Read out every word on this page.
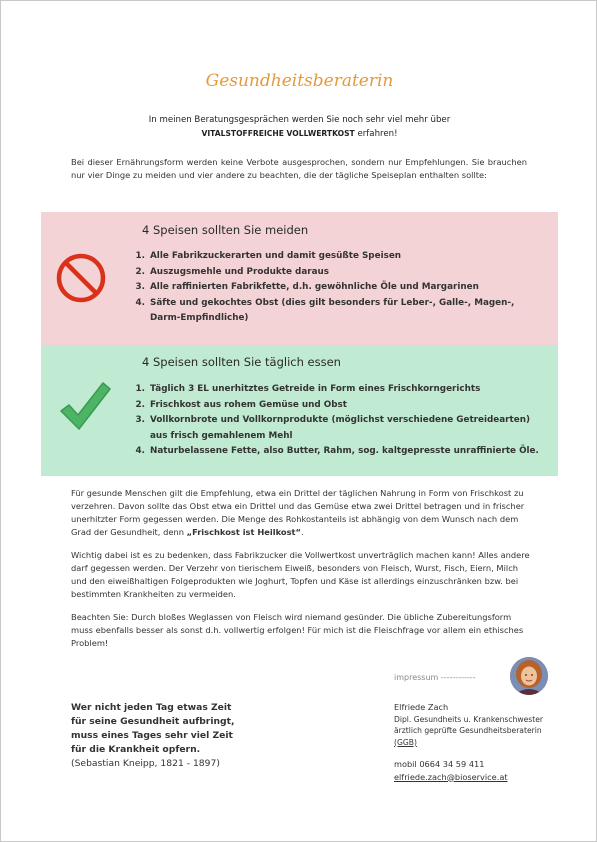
Gesundheitsberaterin
In meinen Beratungsgesprächen werden Sie noch sehr viel mehr über
VITALSTOFFREICHE VOLLWERTKOST erfahren!
Bei dieser Ernährungsform werden keine Verbote ausgesprochen, sondern nur Empfehlungen. Sie brauchen nur vier Dinge zu meiden und vier andere zu beachten, die der tägliche Speiseplan enthalten sollte:
4 Speisen sollten Sie meiden
1. Alle Fabrikzuckerarten und damit gesüßte Speisen
2. Auszugsmehle und Produkte daraus
3. Alle raffinierten Fabrikfette, d.h. gewöhnliche Öle und Margarinen
4. Säfte und gekochtes Obst (dies gilt besonders für Leber-, Galle-, Magen-, Darm-Empfindliche)
4 Speisen sollten Sie täglich essen
1. Täglich 3 EL unerhitztes Getreide in Form eines Frischkorngerichts
2. Frischkost aus rohem Gemüse und Obst
3. Vollkornbrote und Vollkornprodukte (möglichst verschiedene Getreidearten) aus frisch gemahlenem Mehl
4. Naturbelassene Fette, also Butter, Rahm, sog. kaltgepresste unraffinierte Öle.

Für gesunde Menschen gilt die Empfehlung, etwa ein Drittel der täglichen Nahrung in Form von Frischkost zu verzehren. Davon sollte das Obst etwa ein Drittel und das Gemüse etwa zwei Drittel betragen und in frischer unerhitzter Form gegessen werden. Die Menge des Rohkostanteils ist abhängig von dem Wunsch nach dem Grad der Gesundheit, denn „Frischkost ist Heilkost“.

Wichtig dabei ist es zu bedenken, dass Fabrikzucker die Vollwertkost unverträglich machen kann! Alles andere darf gegessen werden. Der Verzehr von tierischem Eiweiß, besonders von Fleisch, Wurst, Fisch, Eiern, Milch und den eiweißhaltigen Folgeprodukten wie Joghurt, Topfen und Käse ist allerdings einzuschränken bzw. bei bestimmten Krankheiten zu vermeiden.

Beachten Sie: Durch bloßes Weglassen von Fleisch wird niemand gesünder. Die übliche Zubereitungsform muss ebenfalls besser als sonst d.h. vollwertig erfolgen! Für mich ist die Fleischfrage vor allem ein ethisches Problem!

Wer nicht jeden Tag etwas Zeit
für seine Gesundheit aufbringt,
muss eines Tages sehr viel Zeit
für die Krankheit opfern.
(Sebastian Kneipp, 1821 - 1897)
impressum ------------
Elfriede Zach
Dipl. Gesundheits u. Krankenschwester
ärztlich geprüfte Gesundheitsberaterin
(GGB)
mobil 0664 34 59 411
elfriede.zach@bioservice.at
